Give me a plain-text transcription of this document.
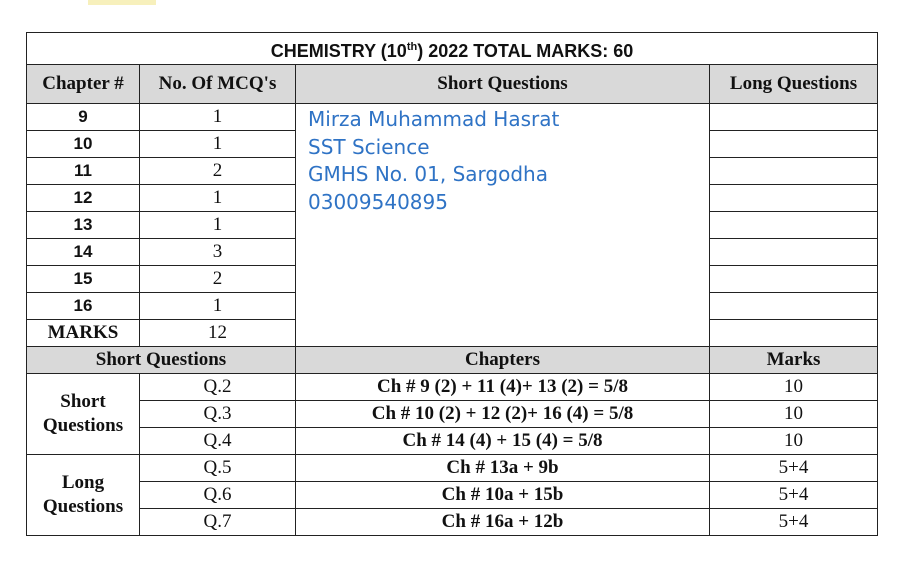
CHEMISTRY (10th) 2022 TOTAL MARKS: 60			
Chapter #	No. Of MCQ's	Short Questions	Long Questions
9	1	Mirza Muhammad Hasrat
SST Science
GMHS No. 01, Sargodha
03009540895	

10	1		
11	2		
12	1		
13	1		
14	3		
15	2		
16	1		
MARKS	12		
Short Questions		Chapters	Marks
Short
Questions	Q.2	Ch # 9 (2) + 11 (4)+ 13 (2) = 5/8	10
	Q.3	Ch # 10 (2) + 12 (2)+ 16 (4) = 5/8	10
	Q.4	Ch # 14 (4) + 15 (4) = 5/8	10
Long
Questions	Q.5	Ch # 13a + 9b	5+4
	Q.6	Ch # 10a + 15b	5+4
	Q.7	Ch # 16a + 12b	5+4
